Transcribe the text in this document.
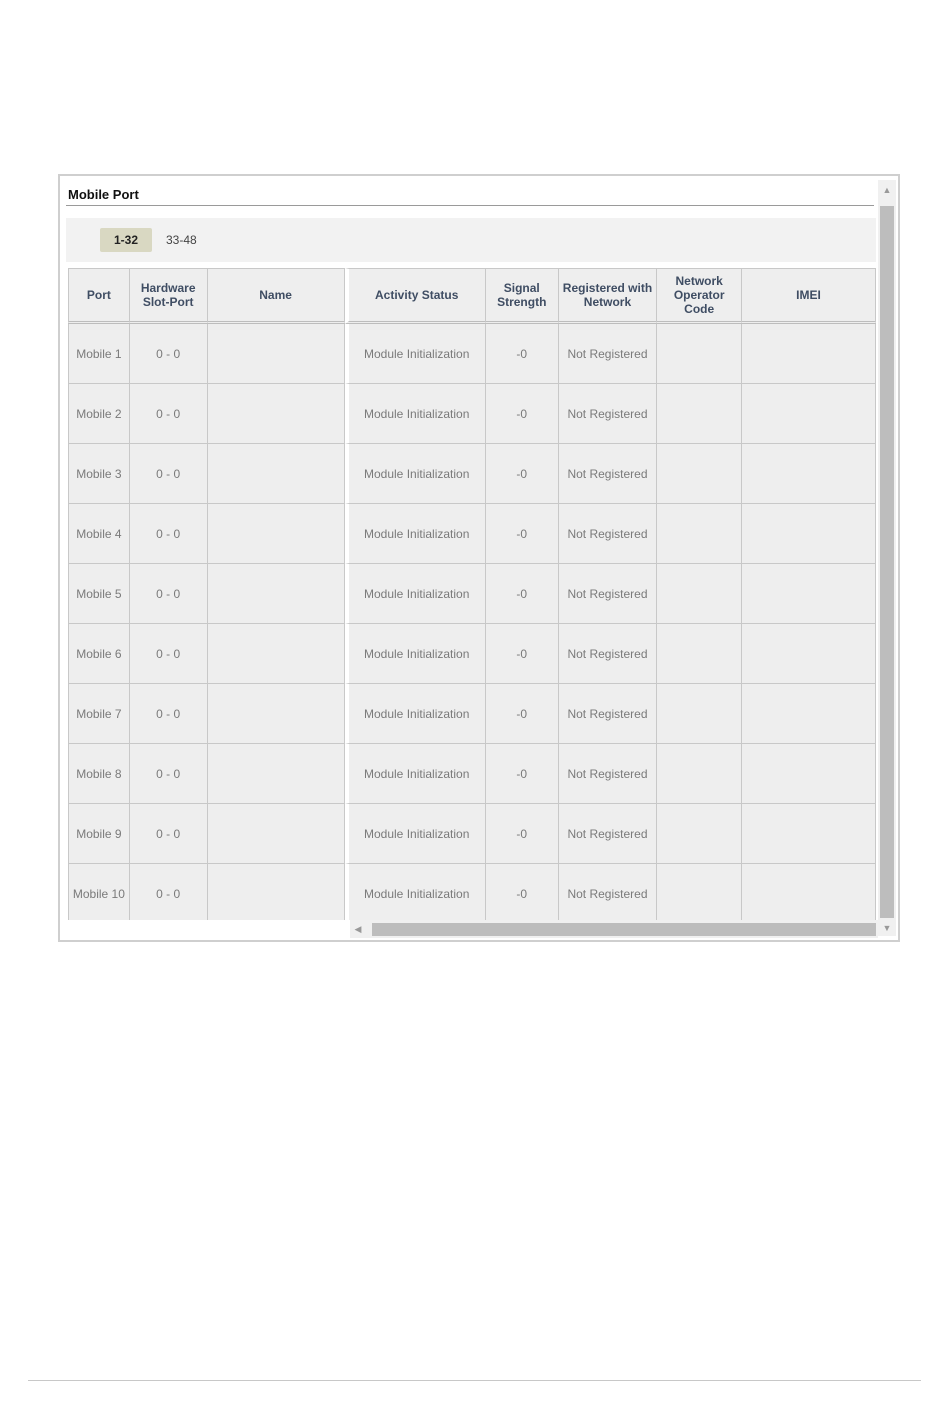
Mobile Port
1-32	33-48
Port	Hardware Slot-Port	Name	Activity Status	Signal Strength	Registered with Network	Network Operator Code	IMEI
Mobile 1	0 - 0		Module Initialization	-0	Not Registered		
Mobile 2	0 - 0		Module Initialization	-0	Not Registered		
Mobile 3	0 - 0		Module Initialization	-0	Not Registered		
Mobile 4	0 - 0		Module Initialization	-0	Not Registered		
Mobile 5	0 - 0		Module Initialization	-0	Not Registered		
Mobile 6	0 - 0		Module Initialization	-0	Not Registered		
Mobile 7	0 - 0		Module Initialization	-0	Not Registered		
Mobile 8	0 - 0		Module Initialization	-0	Not Registered		
Mobile 9	0 - 0		Module Initialization	-0	Not Registered		
Mobile 10	0 - 0		Module Initialization	-0	Not Registered		
▲
▼
◀
